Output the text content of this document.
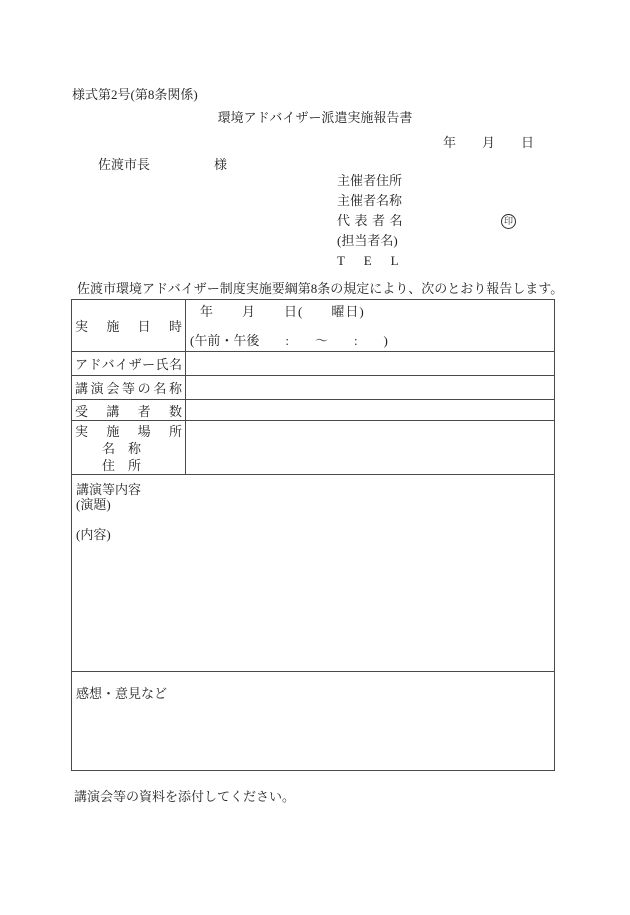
様式第2号(第8条関係)
環境アドバイザー派遣実施報告書
年　　月　　日
佐渡市長	様
主催者住所
主催者名称
代表者名
(担当者名)
T　E　L
印
佐渡市環境アドバイザー制度実施要綱第8条の規定により、次のとおり報告します。
実施日時	年　　月　　日(　　曜日)
(午前・午後　　:　　〜　　:　　)

アドバイザー氏名	

講演会等の名称	

受講者数	

実施場所
名　称
住　所	

講演等内容
(演題)
(内容)	

感想・意見など	
講演会等の資料を添付してください。
